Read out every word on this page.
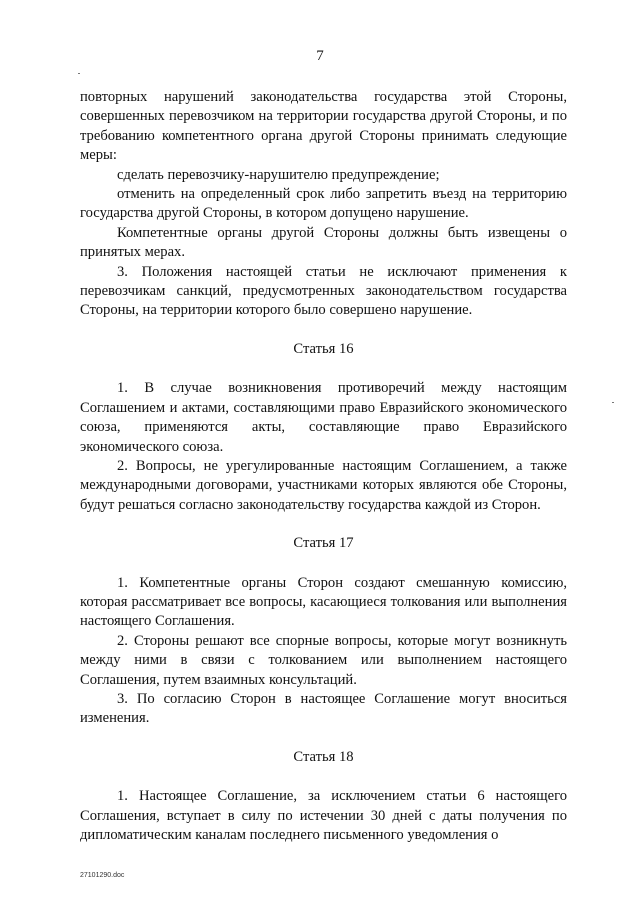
7

повторных нарушений законодательства государства этой Стороны, совершенных перевозчиком на территории государства другой Стороны, и по требованию компетентного органа другой Стороны принимать следующие меры:

сделать перевозчику-нарушителю предупреждение;

отменить на определенный срок либо запретить въезд на территорию государства другой Стороны, в котором допущено нарушение.

Компетентные органы другой Стороны должны быть извещены о принятых мерах.

3. Положения настоящей статьи не исключают применения к перевозчикам санкций, предусмотренных законодательством государства Стороны, на территории которого было совершено нарушение.

Статья 16

1. В случае возникновения противоречий между настоящим Соглашением и актами, составляющими право Евразийского экономического союза, применяются акты, составляющие право Евразийского экономического союза.

2. Вопросы, не урегулированные настоящим Соглашением, а также международными договорами, участниками которых являются обе Стороны, будут решаться согласно законодательству государства каждой из Сторон.

Статья 17

1. Компетентные органы Сторон создают смешанную комиссию, которая рассматривает все вопросы, касающиеся толкования или выполнения настоящего Соглашения.

2. Стороны решают все спорные вопросы, которые могут возникнуть между ними в связи с толкованием или выполнением настоящего Соглашения, путем взаимных консультаций.

3. По согласию Сторон в настоящее Соглашение могут вноситься изменения.

Статья 18

1. Настоящее Соглашение, за исключением статьи 6 настоящего Соглашения, вступает в силу по истечении 30 дней с даты получения по дипломатическим каналам последнего письменного уведомления о

27101290.doc
